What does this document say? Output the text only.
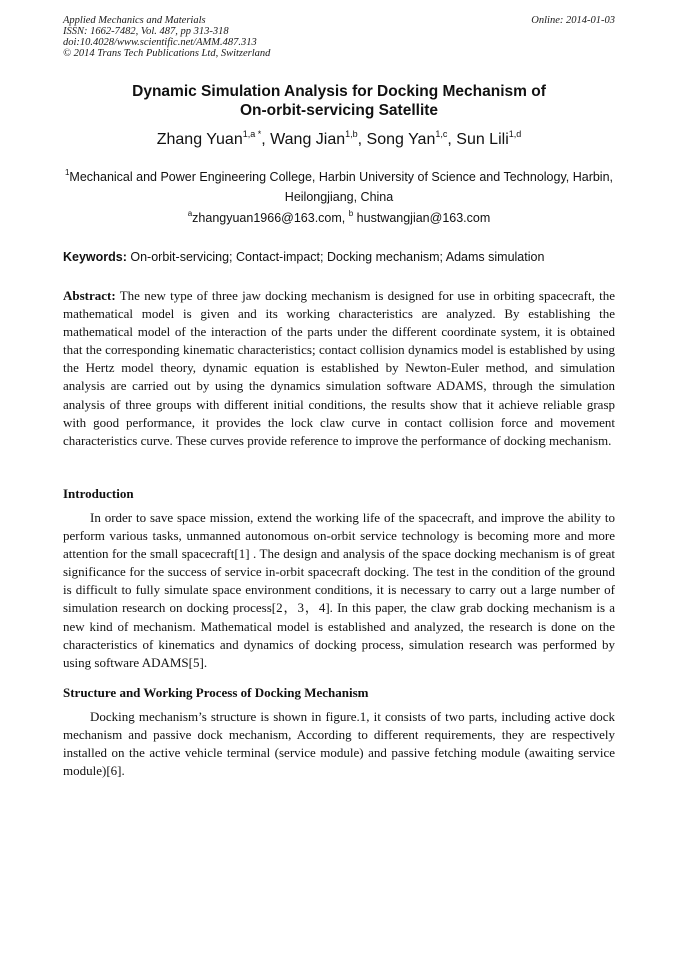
Applied Mechanics and Materials
ISSN: 1662-7482, Vol. 487, pp 313-318
doi:10.4028/www.scientific.net/AMM.487.313
© 2014 Trans Tech Publications Ltd, Switzerland
Online: 2014-01-03
Dynamic Simulation Analysis for Docking Mechanism of
On-orbit-servicing Satellite
Zhang Yuan$^{1,a *}$, Wang Jian$^{1,b}$, Song Yan$^{1,c}$, Sun Lili$^{1,d}$
$^1$Mechanical and Power Engineering College, Harbin University of Science and Technology, Harbin, Heilongjiang, China
$^a$zhangyuan1966@163.com, $^b$ hustwangjian@163.com
Keywords: On-orbit-servicing; Contact-impact; Docking mechanism; Adams simulation
Abstract: The new type of three jaw docking mechanism is designed for use in orbiting spacecraft, the mathematical model is given and its working characteristics are analyzed. By establishing the mathematical model of the interaction of the parts under the different coordinate system, it is obtained that the corresponding kinematic characteristics; contact collision dynamics model is established by using the Hertz model theory, dynamic equation is established by Newton-Euler method, and simulation analysis are carried out by using the dynamics simulation software ADAMS, through the simulation analysis of three groups with different initial conditions, the results show that it achieve reliable grasp with good performance, it provides the lock claw curve in contact collision force and movement characteristics curve. These curves provide reference to improve the performance of docking mechanism.
Introduction
In order to save space mission, extend the working life of the spacecraft, and improve the ability to perform various tasks, unmanned autonomous on-orbit service technology is becoming more and more attention for the small spacecraft[1] . The design and analysis of the space docking mechanism is of great significance for the success of service in-orbit spacecraft docking. The test in the condition of the ground is difficult to fully simulate space environment conditions, it is necessary to carry out a large number of simulation research on docking process[2，3，4]. In this paper, the claw grab docking mechanism is a new kind of mechanism. Mathematical model is established and analyzed, the research is done on the characteristics of kinematics and dynamics of docking process, simulation research was performed by using software ADAMS[5].
Structure and Working Process of Docking Mechanism
Docking mechanism’s structure is shown in figure.1, it consists of two parts, including active dock mechanism and passive dock mechanism, According to different requirements, they are respectively installed on the active vehicle terminal (service module) and passive fetching module (awaiting service module)[6].
